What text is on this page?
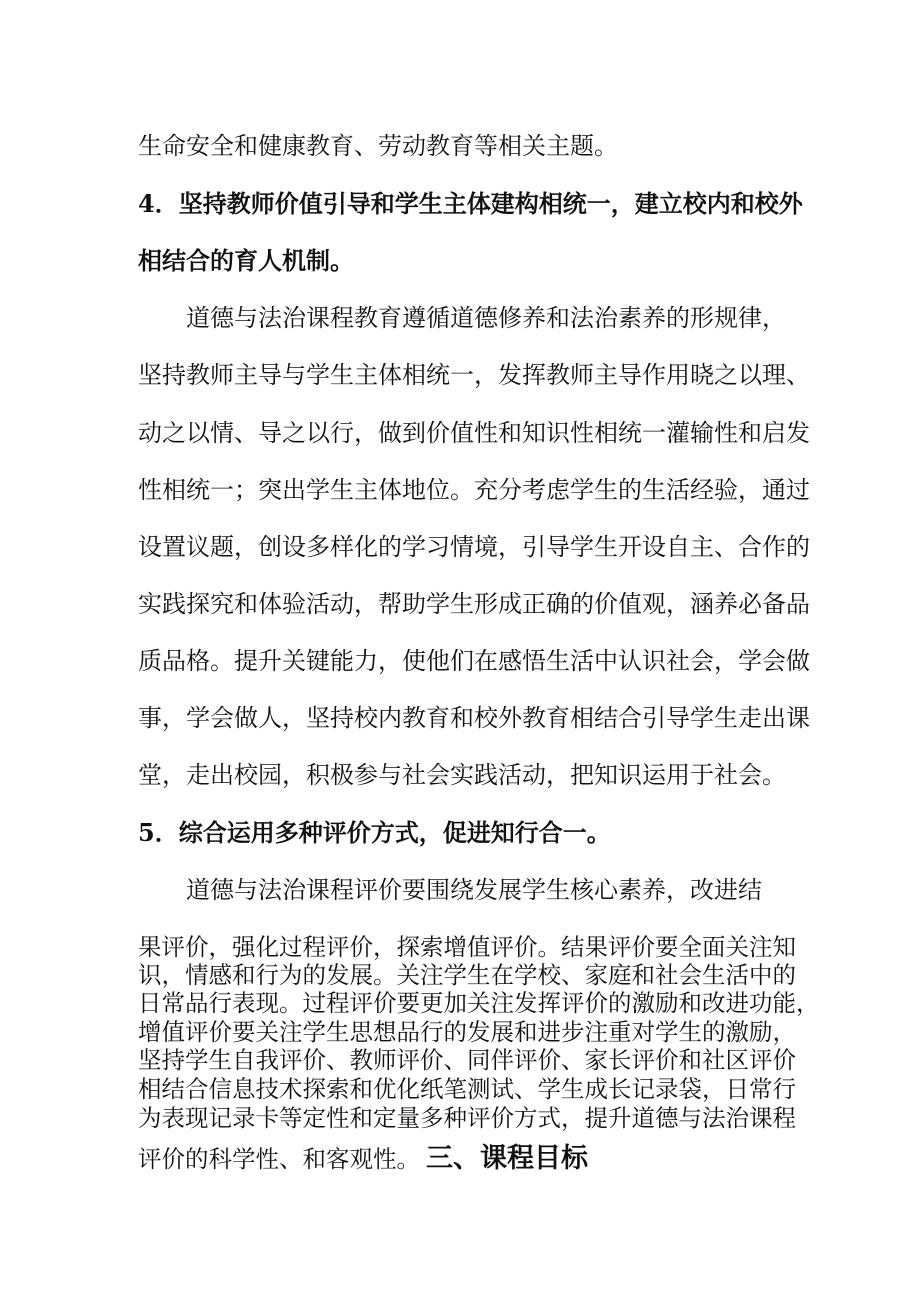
生命安全和健康教育、劳动教育等相关主题。
4．坚持教师价值引导和学生主体建构相统一，建立校内和校外
相结合的育人机制。
道德与法治课程教育遵循道德修养和法治素养的形规律，
坚持教师主导与学生主体相统一，发挥教师主导作用晓之以理、
动之以情、导之以行，做到价值性和知识性相统一灌输性和启发
性相统一；突出学生主体地位。充分考虑学生的生活经验，通过
设置议题，创设多样化的学习情境，引导学生开设自主、合作的
实践探究和体验活动，帮助学生形成正确的价值观，涵养必备品
质品格。提升关键能力，使他们在感悟生活中认识社会，学会做
事，学会做人，坚持校内教育和校外教育相结合引导学生走出课
堂，走出校园，积极参与社会实践活动，把知识运用于社会。
5．综合运用多种评价方式，促进知行合一。
道德与法治课程评价要围绕发展学生核心素养，改进结
果评价，强化过程评价，探索增值评价。结果评价要全面关注知
识，情感和行为的发展。关注学生在学校、家庭和社会生活中的
日常品行表现。过程评价要更加关注发挥评价的激励和改进功能，
增值评价要关注学生思想品行的发展和进步注重对学生的激励，
坚持学生自我评价、教师评价、同伴评价、家长评价和社区评价
相结合信息技术探索和优化纸笔测试、学生成长记录袋，日常行
为表现记录卡等定性和定量多种评价方式，提升道德与法治课程
评价的科学性、和客观性。 三、课程目标
